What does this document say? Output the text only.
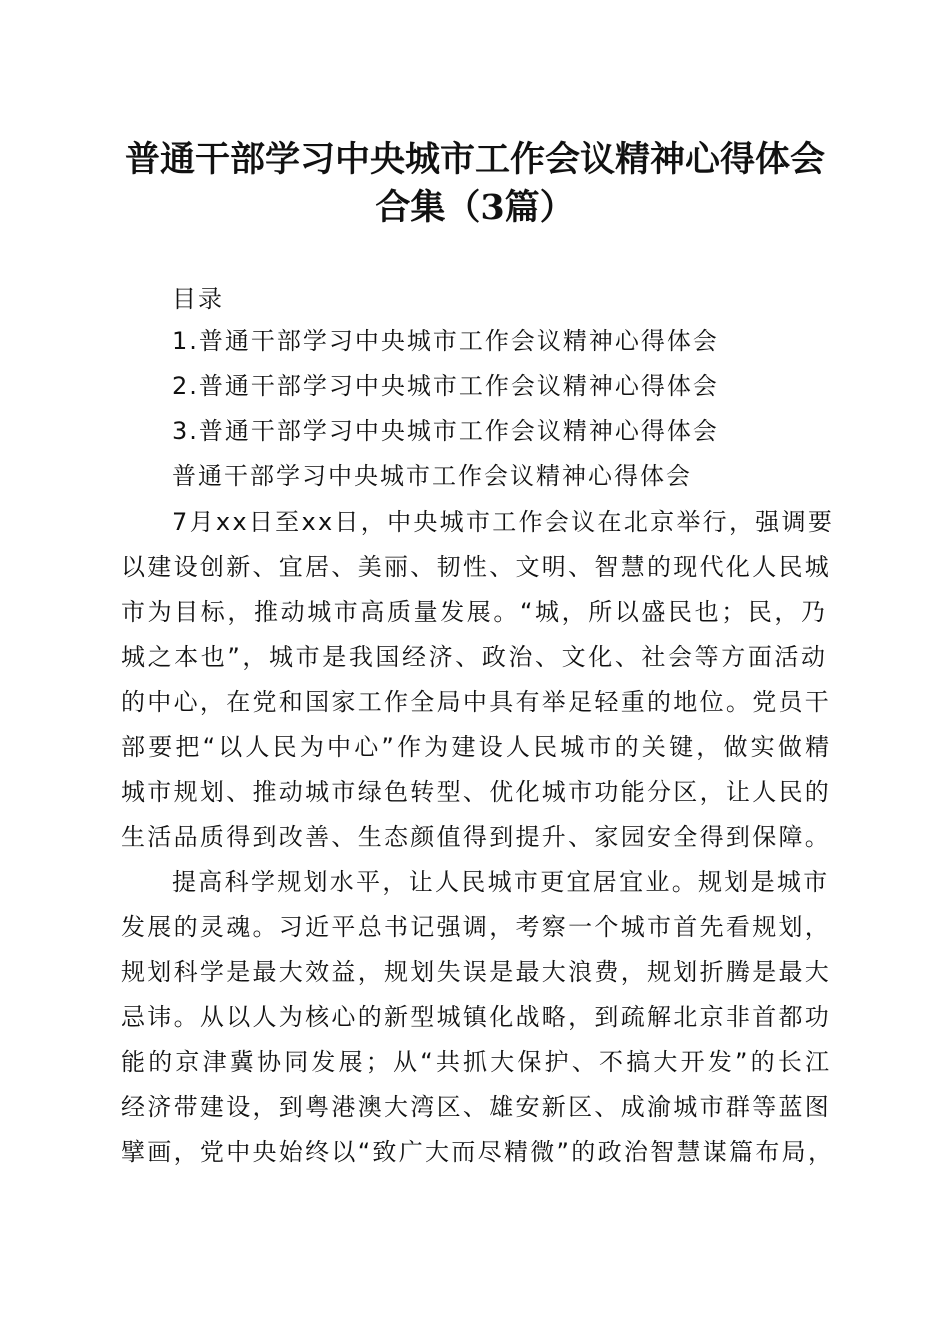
普通干部学习中央城市工作会议精神心得体会
合集（3篇）
目录
1.普通干部学习中央城市工作会议精神心得体会
2.普通干部学习中央城市工作会议精神心得体会
3.普通干部学习中央城市工作会议精神心得体会
普通干部学习中央城市工作会议精神心得体会
7月xx日至xx日，中央城市工作会议在北京举行，强调要
以建设创新、宜居、美丽、韧性、文明、智慧的现代化人民城
市为目标，推动城市高质量发展。“城，所以盛民也；民，乃
城之本也”，城市是我国经济、政治、文化、社会等方面活动
的中心，在党和国家工作全局中具有举足轻重的地位。党员干
部要把“以人民为中心”作为建设人民城市的关键，做实做精
城市规划、推动城市绿色转型、优化城市功能分区，让人民的
生活品质得到改善、生态颜值得到提升、家园安全得到保障。
提高科学规划水平，让人民城市更宜居宜业。规划是城市
发展的灵魂。习近平总书记强调，考察一个城市首先看规划，
规划科学是最大效益，规划失误是最大浪费，规划折腾是最大
忌讳。从以人为核心的新型城镇化战略，到疏解北京非首都功
能的京津冀协同发展；从“共抓大保护、不搞大开发”的长江
经济带建设，到粤港澳大湾区、雄安新区、成渝城市群等蓝图
擘画，党中央始终以“致广大而尽精微”的政治智慧谋篇布局，
